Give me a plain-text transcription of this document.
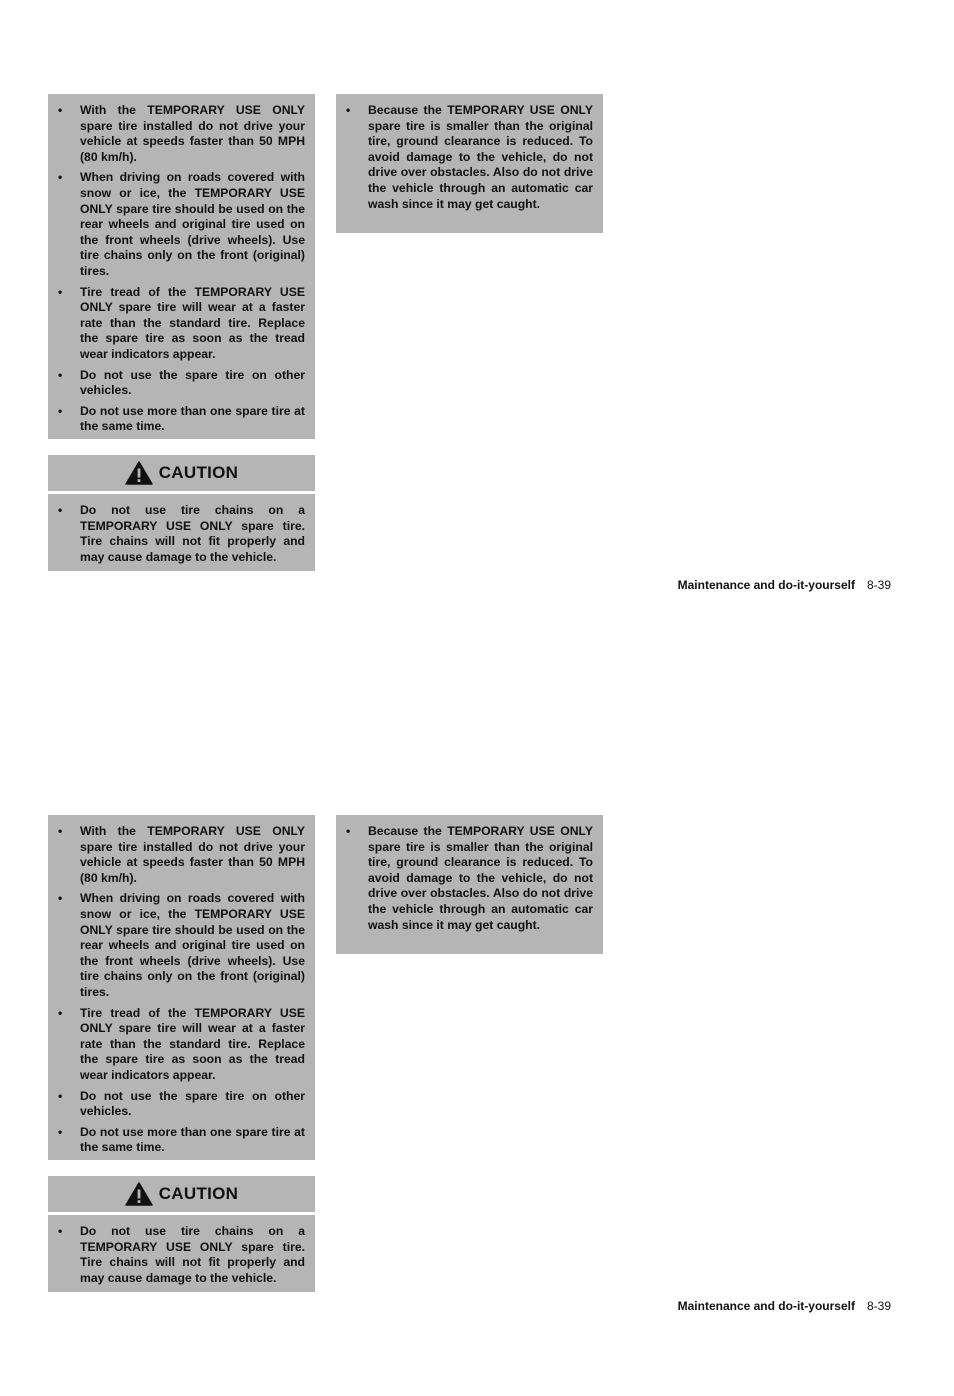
• With the TEMPORARY USE ONLY spare tire installed do not drive your vehicle at speeds faster than 50 MPH (80 km/h).
• When driving on roads covered with snow or ice, the TEMPORARY USE ONLY spare tire should be used on the rear wheels and original tire used on the front wheels (drive wheels). Use tire chains only on the front (original) tires.
• Tire tread of the TEMPORARY USE ONLY spare tire will wear at a faster rate than the standard tire. Replace the spare tire as soon as the tread wear indicators appear.
• Do not use the spare tire on other vehicles.
• Do not use more than one spare tire at the same time.
CAUTION
• Do not use tire chains on a TEMPORARY USE ONLY spare tire. Tire chains will not fit properly and may cause damage to the vehicle.
• Because the TEMPORARY USE ONLY spare tire is smaller than the original tire, ground clearance is reduced. To avoid damage to the vehicle, do not drive over obstacles. Also do not drive the vehicle through an automatic car wash since it may get caught.
Maintenance and do-it-yourself 8-39
• With the TEMPORARY USE ONLY spare tire installed do not drive your vehicle at speeds faster than 50 MPH (80 km/h).
• When driving on roads covered with snow or ice, the TEMPORARY USE ONLY spare tire should be used on the rear wheels and original tire used on the front wheels (drive wheels). Use tire chains only on the front (original) tires.
• Tire tread of the TEMPORARY USE ONLY spare tire will wear at a faster rate than the standard tire. Replace the spare tire as soon as the tread wear indicators appear.
• Do not use the spare tire on other vehicles.
• Do not use more than one spare tire at the same time.
CAUTION
• Do not use tire chains on a TEMPORARY USE ONLY spare tire. Tire chains will not fit properly and may cause damage to the vehicle.
• Because the TEMPORARY USE ONLY spare tire is smaller than the original tire, ground clearance is reduced. To avoid damage to the vehicle, do not drive over obstacles. Also do not drive the vehicle through an automatic car wash since it may get caught.
Maintenance and do-it-yourself 8-39
